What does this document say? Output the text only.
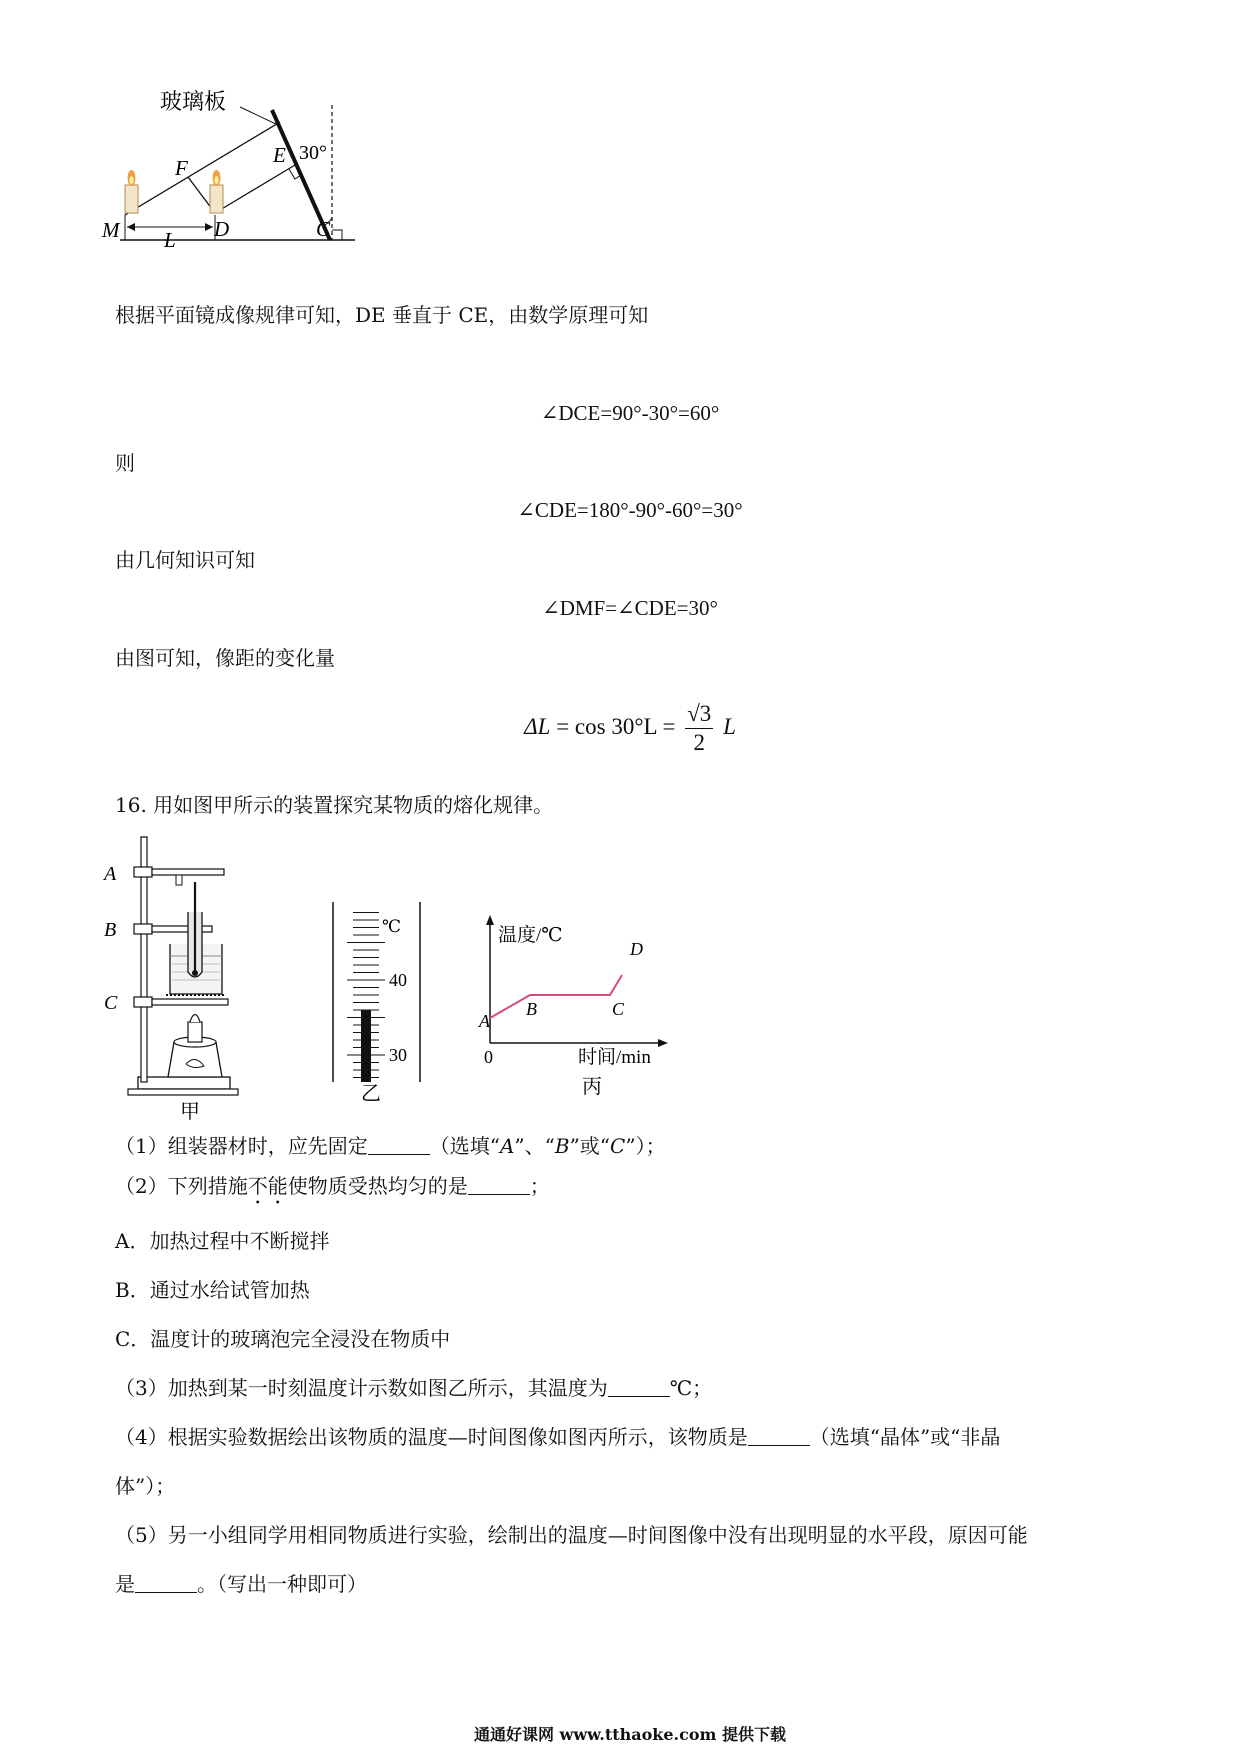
玻璃板
F
E 30°
M L D	C
根据平面镜成像规律可知，DE 垂直于 CE，由数学原理可知
∠DCE=90°-30°=60°
则
∠CDE=180°-90°-60°=30°
由几何知识可知
∠DMF=∠CDE=30°
由图可知，像距的变化量
$\Delta L = \cos 30^\circ L = \frac{√3}{2}$ L
16. 用如图甲所示的装置探究某物质的熔化规律。
A
B
C
甲
℃
40
30
乙
温度/℃
时间/min
0
A
B	C
D
丙
（1）组装器材时，应先固定	（选填“A”、“B”或“C”）；
（2）下列措施不能使物质受热均匀的是	；
A．加热过程中不断搅拌
B．通过水给试管加热
C．温度计的玻璃泡完全浸没在物质中
（3）加热到某一时刻温度计示数如图乙所示，其温度为	℃；
（4）根据实验数据绘出该物质的温度—时间图像如图丙所示，该物质是	（选填“晶体”或“非晶
体”）；
（5）另一小组同学用相同物质进行实验，绘制出的温度—时间图像中没有出现明显的水平段，原因可能
是	。（写出一种即可）
通通好课网 www.tthaoke.com 提供下载
